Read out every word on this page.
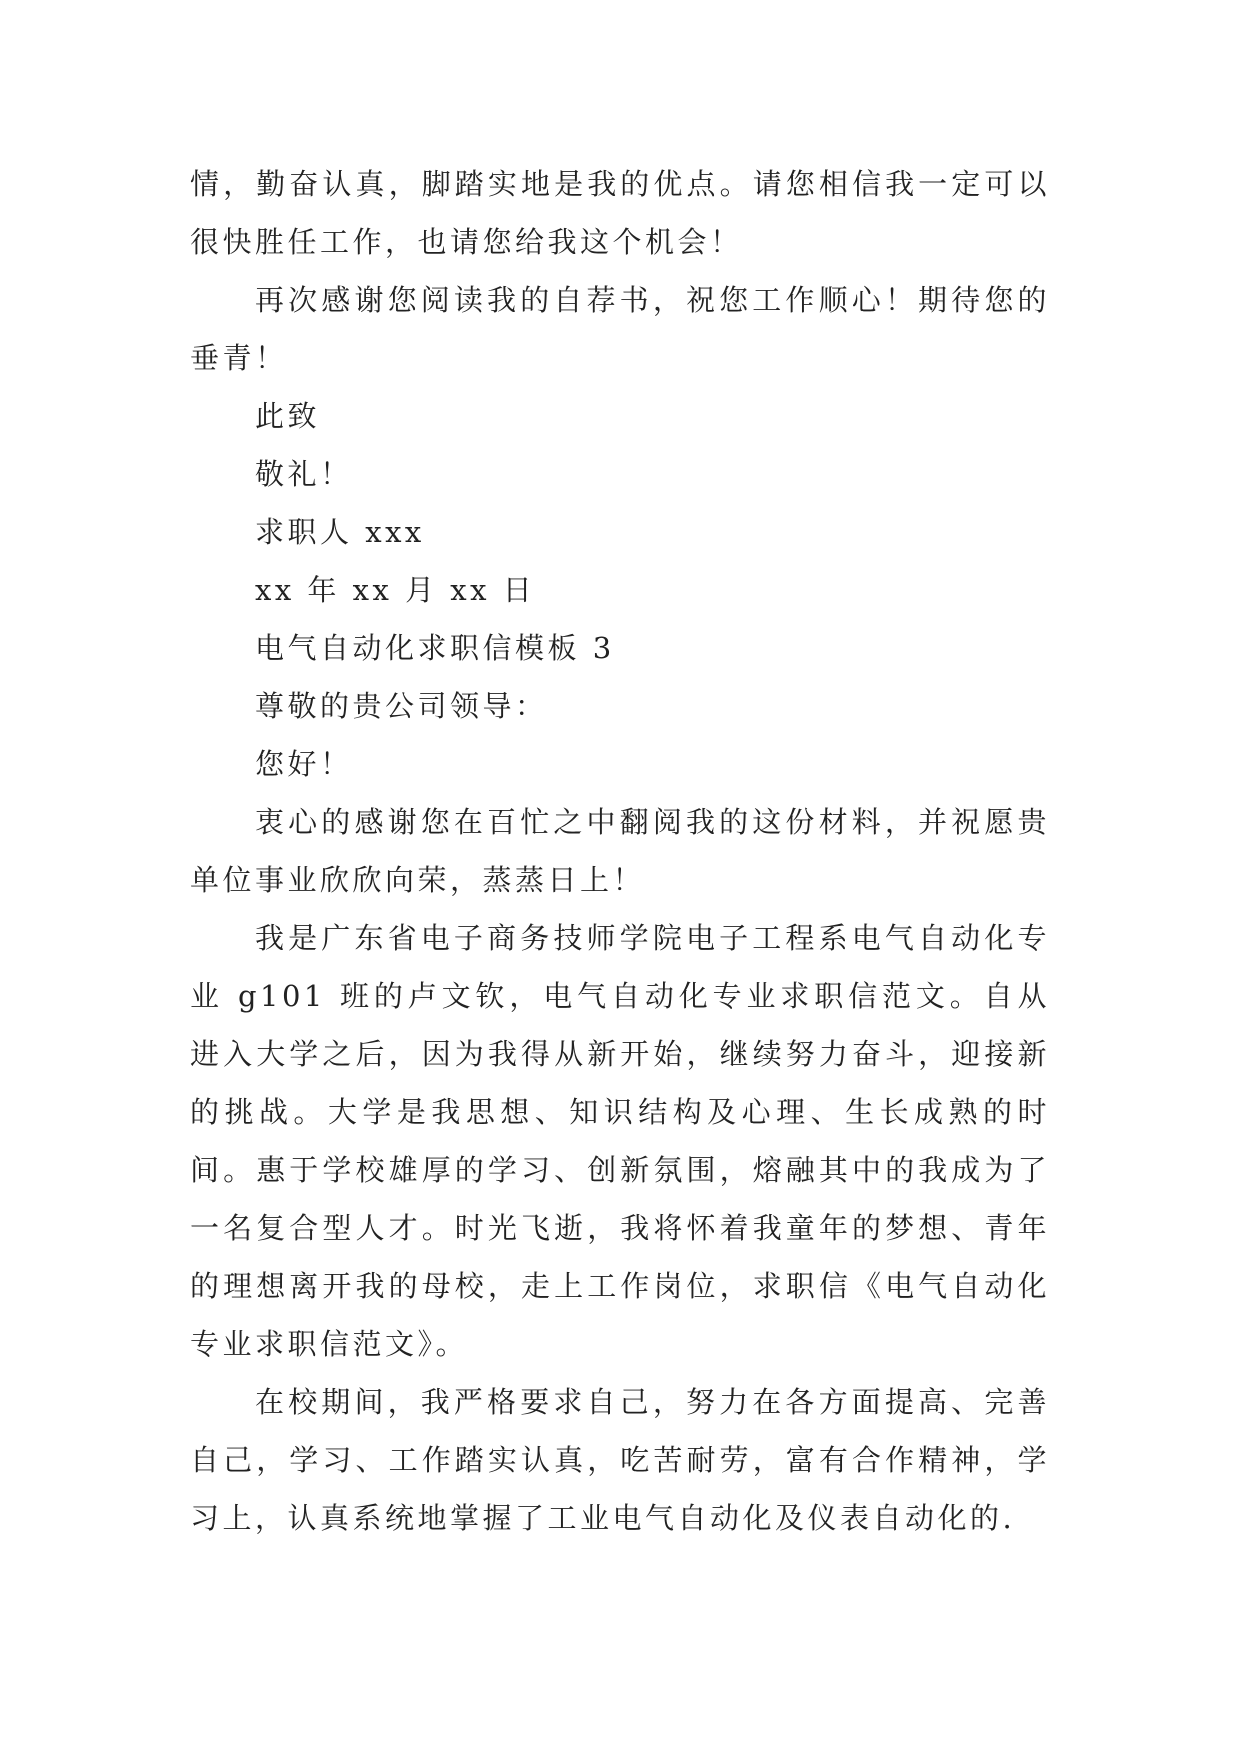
情，勤奋认真，脚踏实地是我的优点。请您相信我一定可以很快胜任工作，也请您给我这个机会！

再次感谢您阅读我的自荐书，祝您工作顺心！期待您的垂青！

此致

敬礼！

求职人 xxx

xx 年 xx 月 xx 日

电气自动化求职信模板 3

尊敬的贵公司领导：

您好！

衷心的感谢您在百忙之中翻阅我的这份材料，并祝愿贵单位事业欣欣向荣，蒸蒸日上！

我是广东省电子商务技师学院电子工程系电气自动化专业 g101 班的卢文钦，电气自动化专业求职信范文。自从进入大学之后，因为我得从新开始，继续努力奋斗，迎接新的挑战。大学是我思想、知识结构及心理、生长成熟的时间。惠于学校雄厚的学习、创新氛围，熔融其中的我成为了一名复合型人才。时光飞逝，我将怀着我童年的梦想、青年的理想离开我的母校，走上工作岗位，求职信《电气自动化专业求职信范文》。

在校期间，我严格要求自己，努力在各方面提高、完善自己，学习、工作踏实认真，吃苦耐劳，富有合作精神，学习上，认真系统地掌握了工业电气自动化及仪表自动化的.
